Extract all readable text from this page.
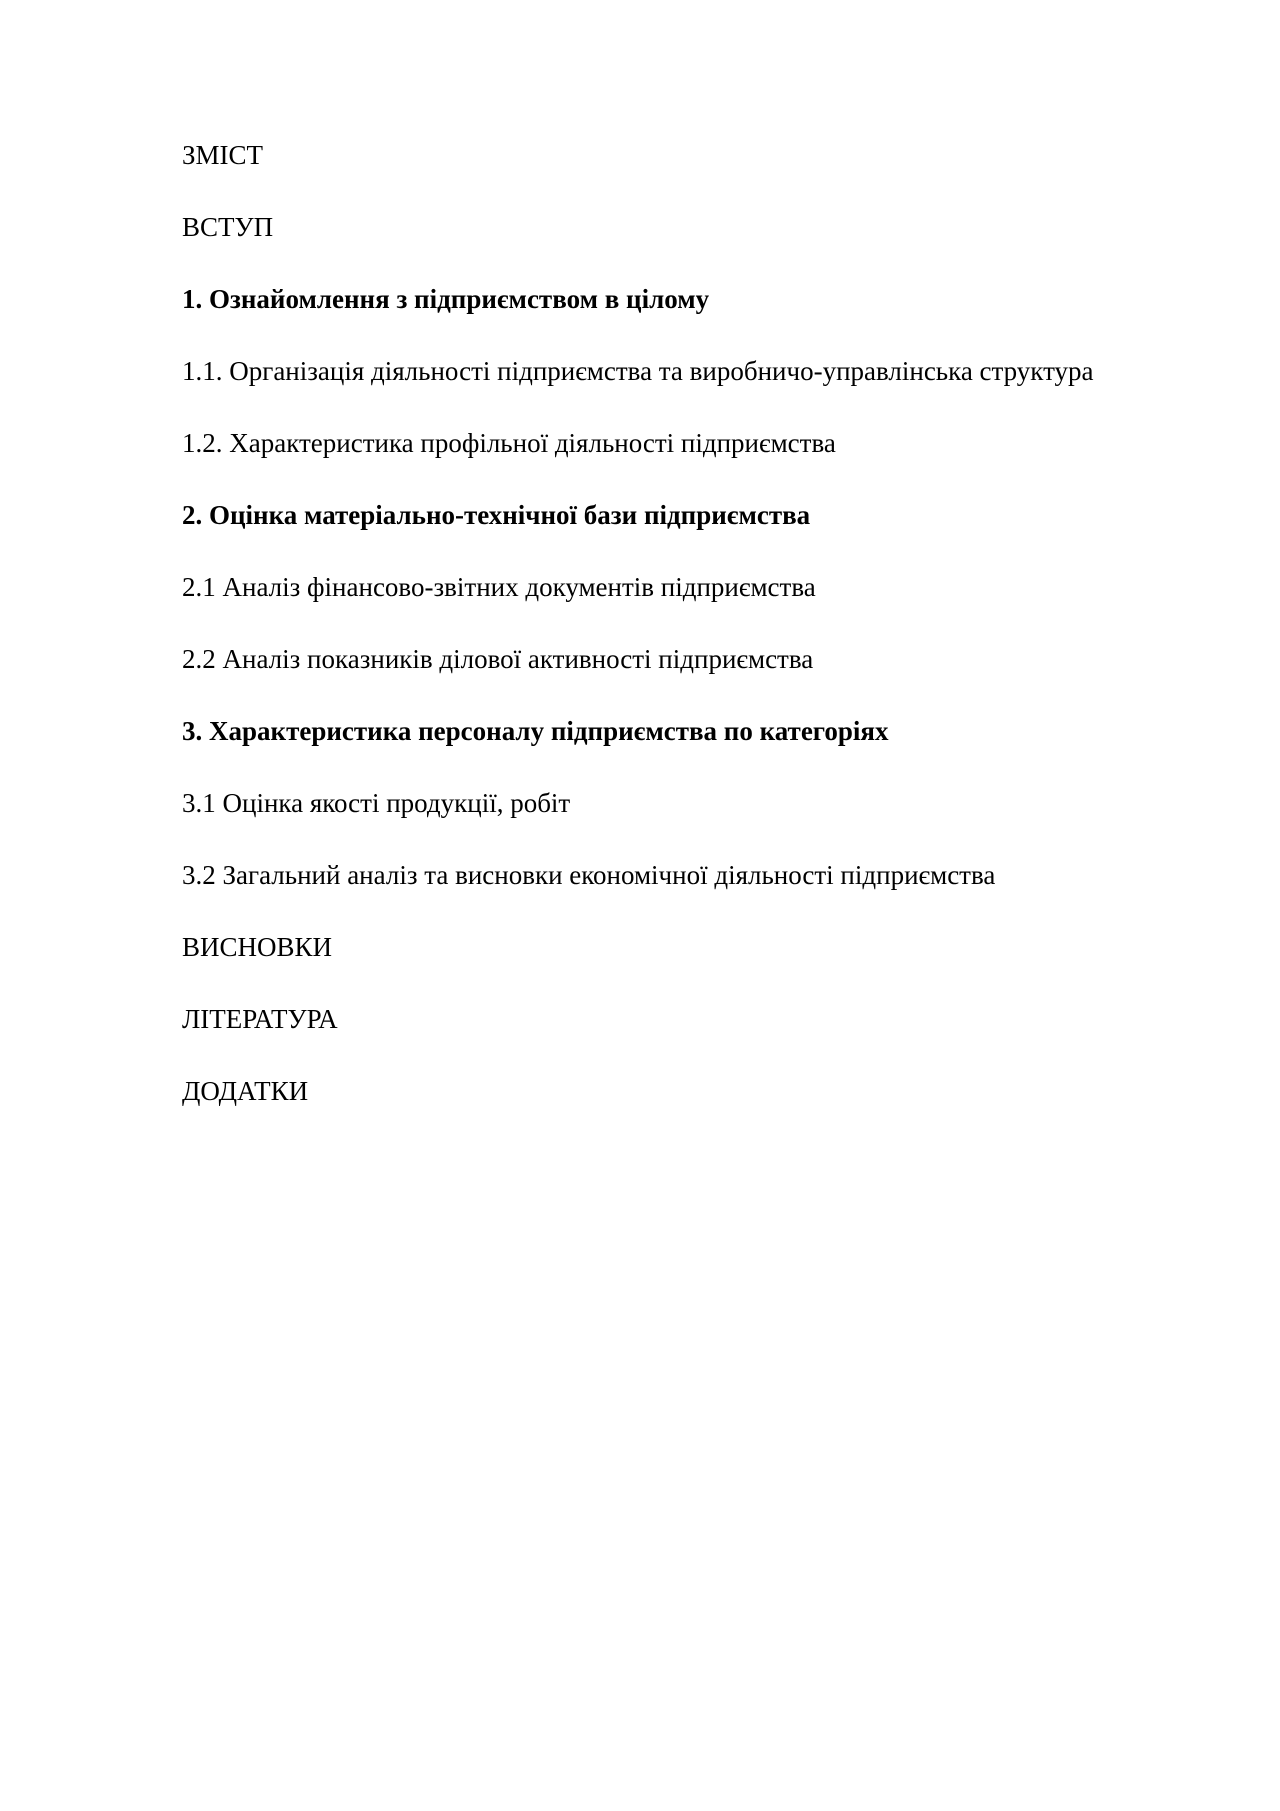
ЗМІСТ

ВСТУП

1. Ознайомлення з підприємством в цілому

1.1. Організація діяльності підприємства та виробничо-управлінська структура

1.2. Характеристика профільної діяльності підприємства

2. Оцінка матеріально-технічної бази підприємства

2.1 Аналіз фінансово-звітних документів підприємства

2.2 Аналіз показників ділової активності підприємства

3. Характеристика персоналу підприємства по категоріях

3.1 Оцінка якості продукції, робіт

3.2 Загальний аналіз та висновки економічної діяльності підприємства

ВИСНОВКИ

ЛІТЕРАТУРА

ДОДАТКИ
